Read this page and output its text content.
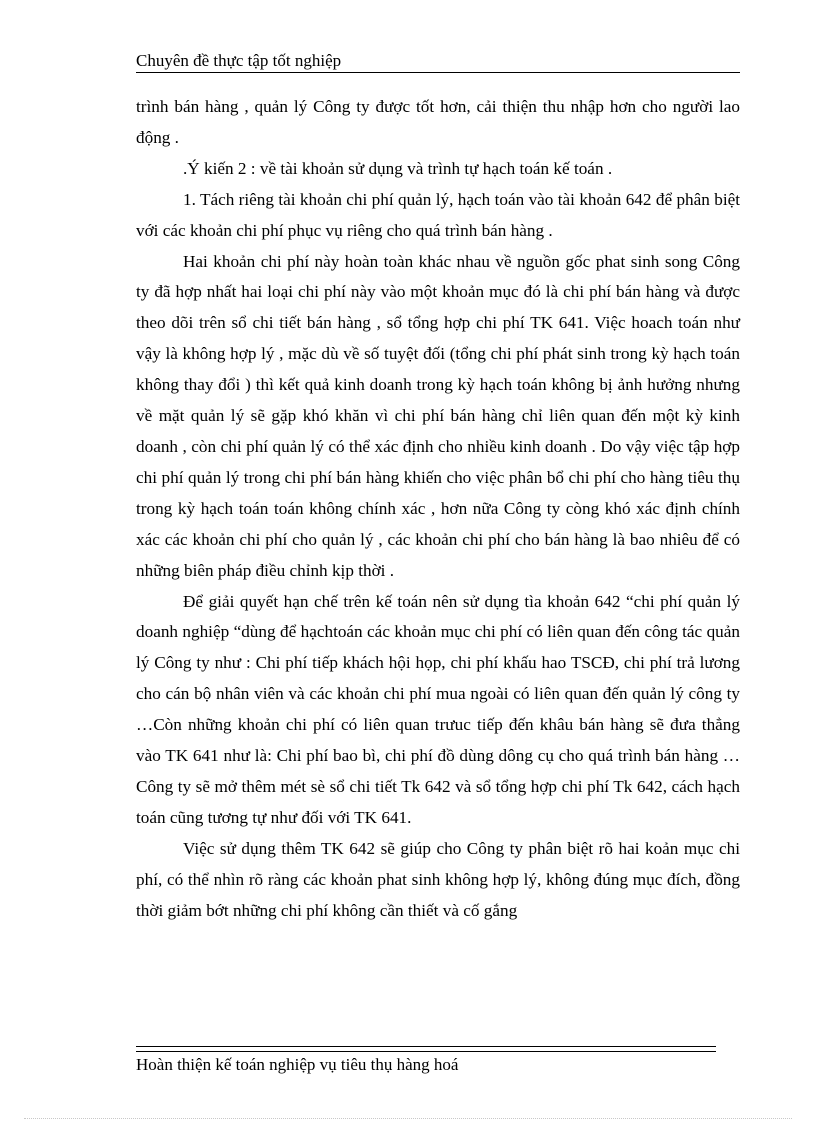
Chuyên đề thực tập tốt nghiệp

trình bán hàng , quản lý Công ty được tốt hơn, cải thiện thu nhập hơn cho người lao động .

.Ý kiến 2 : về tài khoản sử dụng và trình tự hạch toán kế toán .

1. Tách riêng tài khoản chi phí quản lý, hạch toán vào tài khoản 642 để phân biệt với các khoản chi phí phục vụ riêng cho quá trình bán hàng .

Hai khoản chi phí này hoàn toàn khác nhau về nguồn gốc phat sinh song Công ty đã hợp nhất hai loại chi phí này vào một khoản mục đó là chi phí bán hàng và được theo dõi trên sổ chi tiết bán hàng , sổ tổng hợp chi phí TK 641. Việc hoach toán như vậy là không hợp lý , mặc dù về số tuyệt đối (tổng chi phí phát sinh trong kỳ hạch toán không thay đổi ) thì kết quả kinh doanh trong kỳ hạch toán không bị ảnh hưởng nhưng về mặt quản lý sẽ gặp khó khăn vì chi phí bán hàng chỉ liên quan đến một kỳ kinh doanh , còn chi phí quản lý có thể xác định cho nhiều kinh doanh . Do vậy việc tập hợp chi phí quản lý trong chi phí bán hàng khiến cho việc phân bổ chi phí cho hàng tiêu thụ trong kỳ hạch toán toán không chính xác , hơn nữa Công ty còng khó xác định chính xác các khoản chi phí cho quản lý , các khoản chi phí cho bán hàng là bao nhiêu để có những biên pháp điều chỉnh kịp thời .

Để giải quyết hạn chế trên kế toán nên sử dụng tìa khoản 642 “chi phí quản lý doanh nghiệp “dùng để hạchtoán các khoản mục chi phí có liên quan đến công tác quản lý Công ty như : Chi phí tiếp khách hội họp, chi phí khấu hao TSCĐ, chi phí trả lương cho cán bộ nhân viên và các khoản chi phí mua ngoài có liên quan đến quản lý công ty …Còn những khoản chi phí có liên quan trưuc tiếp đến khâu bán hàng sẽ đưa thẳng vào TK 641 như là: Chi phí bao bì, chi phí đồ dùng dông cụ cho quá trình bán hàng …Công ty sẽ mở thêm mét sè sổ chi tiết Tk 642 và sổ tổng hợp chi phí Tk 642, cách hạch toán cũng tương tự như đối với TK 641.

Việc sử dụng thêm TK 642 sẽ giúp cho Công ty phân biệt rõ hai koản mục chi phí, có thể nhìn rõ ràng các khoản phat sinh không hợp lý, không đúng mục đích, đồng thời giảm bớt những chi phí không cần thiết và cố gắng

Hoàn thiện kế toán nghiệp vụ tiêu thụ hàng hoá
